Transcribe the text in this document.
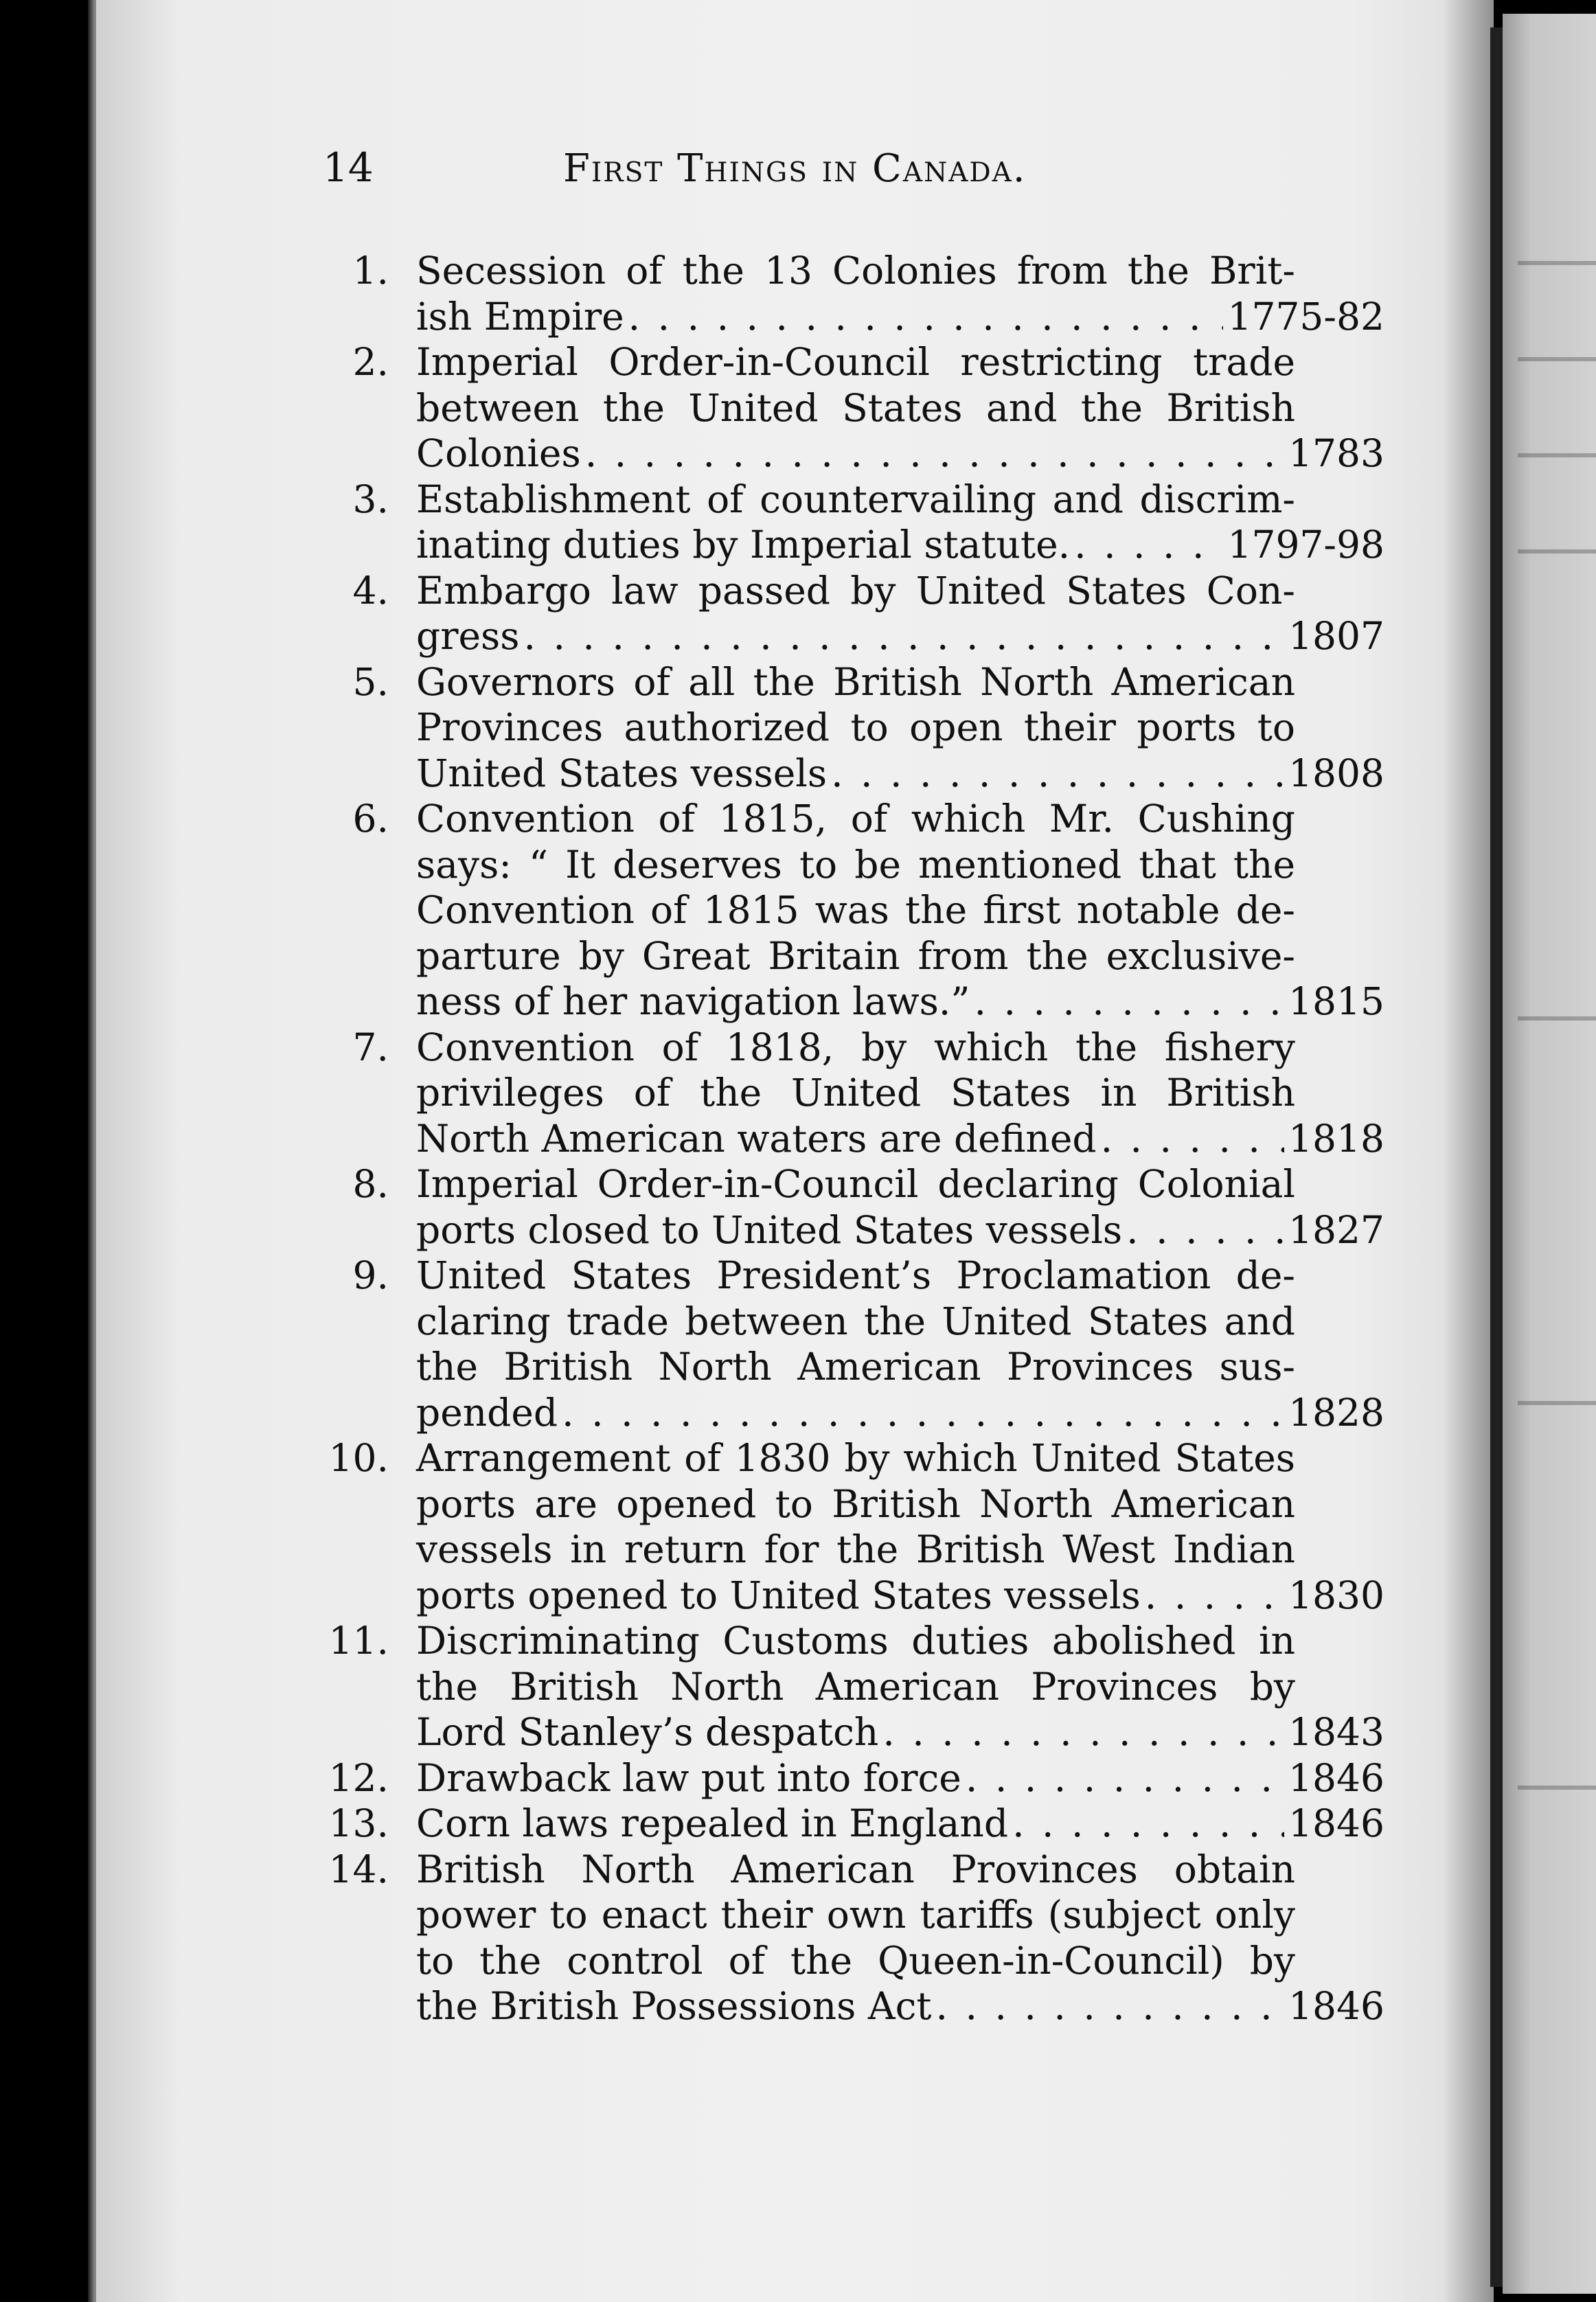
14	First Things in Canada.
1. Secession of the 13 Colonies from the Brit-
ish Empire . . .	1775-82
2. Imperial Order-in-Council restricting trade
between the United States and the British
Colonies . . .	1783
3. Establishment of countervailing and discrim-
inating duties by Imperial statute. . . .	1797-98
4. Embargo law passed by United States Con-
gress . . .	1807
5. Governors of all the British North American
Provinces authorized to open their ports to
United States vessels . . .	1808
6. Convention of 1815, of which Mr. Cushing
says: “ It deserves to be mentioned that the
Convention of 1815 was the first notable de-
parture by Great Britain from the exclusive-
ness of her navigation laws.” . . .	1815
7. Convention of 1818, by which the fishery
privileges of the United States in British
North American waters are defined . . .	1818
8. Imperial Order-in-Council declaring Colonial
ports closed to United States vessels . . .	1827
9. United States President’s Proclamation de-
claring trade between the United States and
the British North American Provinces sus-
pended . . .	1828
10. Arrangement of 1830 by which United States
ports are opened to British North American
vessels in return for the British West Indian
ports opened to United States vessels . . .	1830
11. Discriminating Customs duties abolished in
the British North American Provinces by
Lord Stanley’s despatch . . .	1843
12. Drawback law put into force . . .	1846
13. Corn laws repealed in England . . .	1846
14. British North American Provinces obtain
power to enact their own tariffs (subject only
to the control of the Queen-in-Council) by
the British Possessions Act . . .	1846
